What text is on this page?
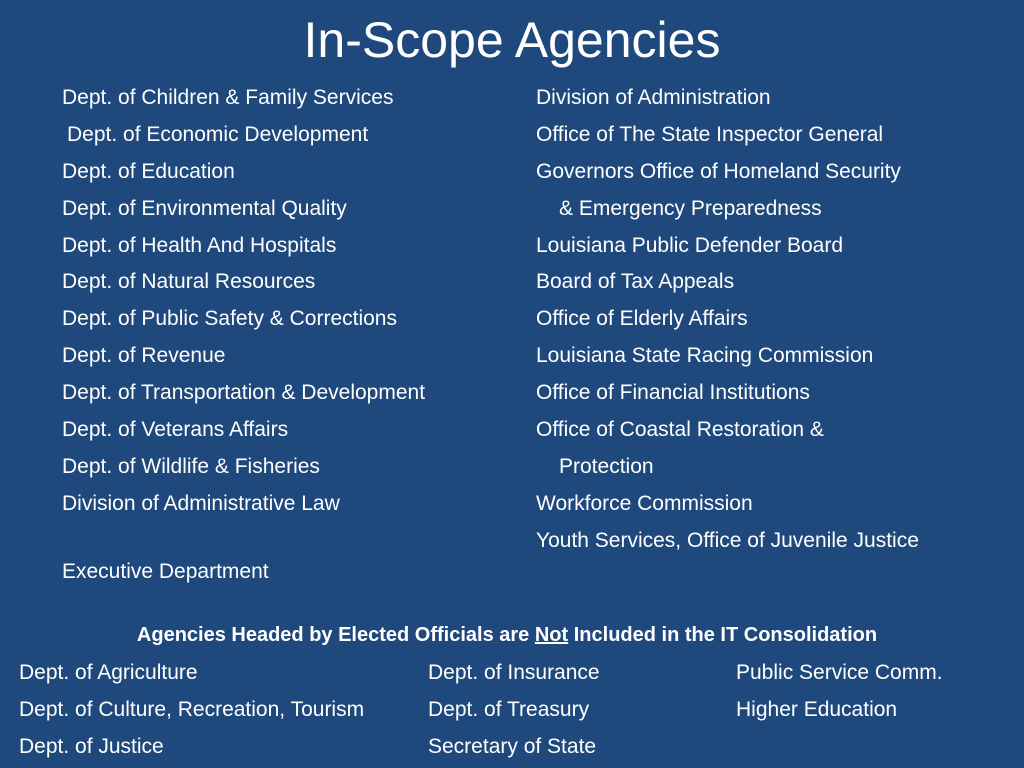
In-Scope Agencies
Dept. of Children & Family Services
Dept. of Economic Development
Dept. of Education
Dept. of Environmental Quality
Dept. of Health And Hospitals
Dept. of Natural Resources
Dept. of Public Safety & Corrections
Dept. of Revenue
Dept. of Transportation & Development
Dept. of Veterans Affairs
Dept. of Wildlife & Fisheries
Division of Administrative Law
Executive Department
Division of Administration
Office of The State Inspector General
Governors Office of Homeland Security
& Emergency Preparedness
Louisiana Public Defender Board
Board of Tax Appeals
Office of Elderly Affairs
Louisiana State Racing Commission
Office of Financial Institutions
Office of Coastal Restoration &
Protection
Workforce Commission
Youth Services, Office of Juvenile Justice
Agencies Headed by Elected Officials are Not Included in the IT Consolidation
Dept. of Agriculture
Dept. of Culture, Recreation, Tourism
Dept. of Justice
Dept. of Insurance
Dept. of Treasury
Secretary of State
Public Service Comm.
Higher Education
